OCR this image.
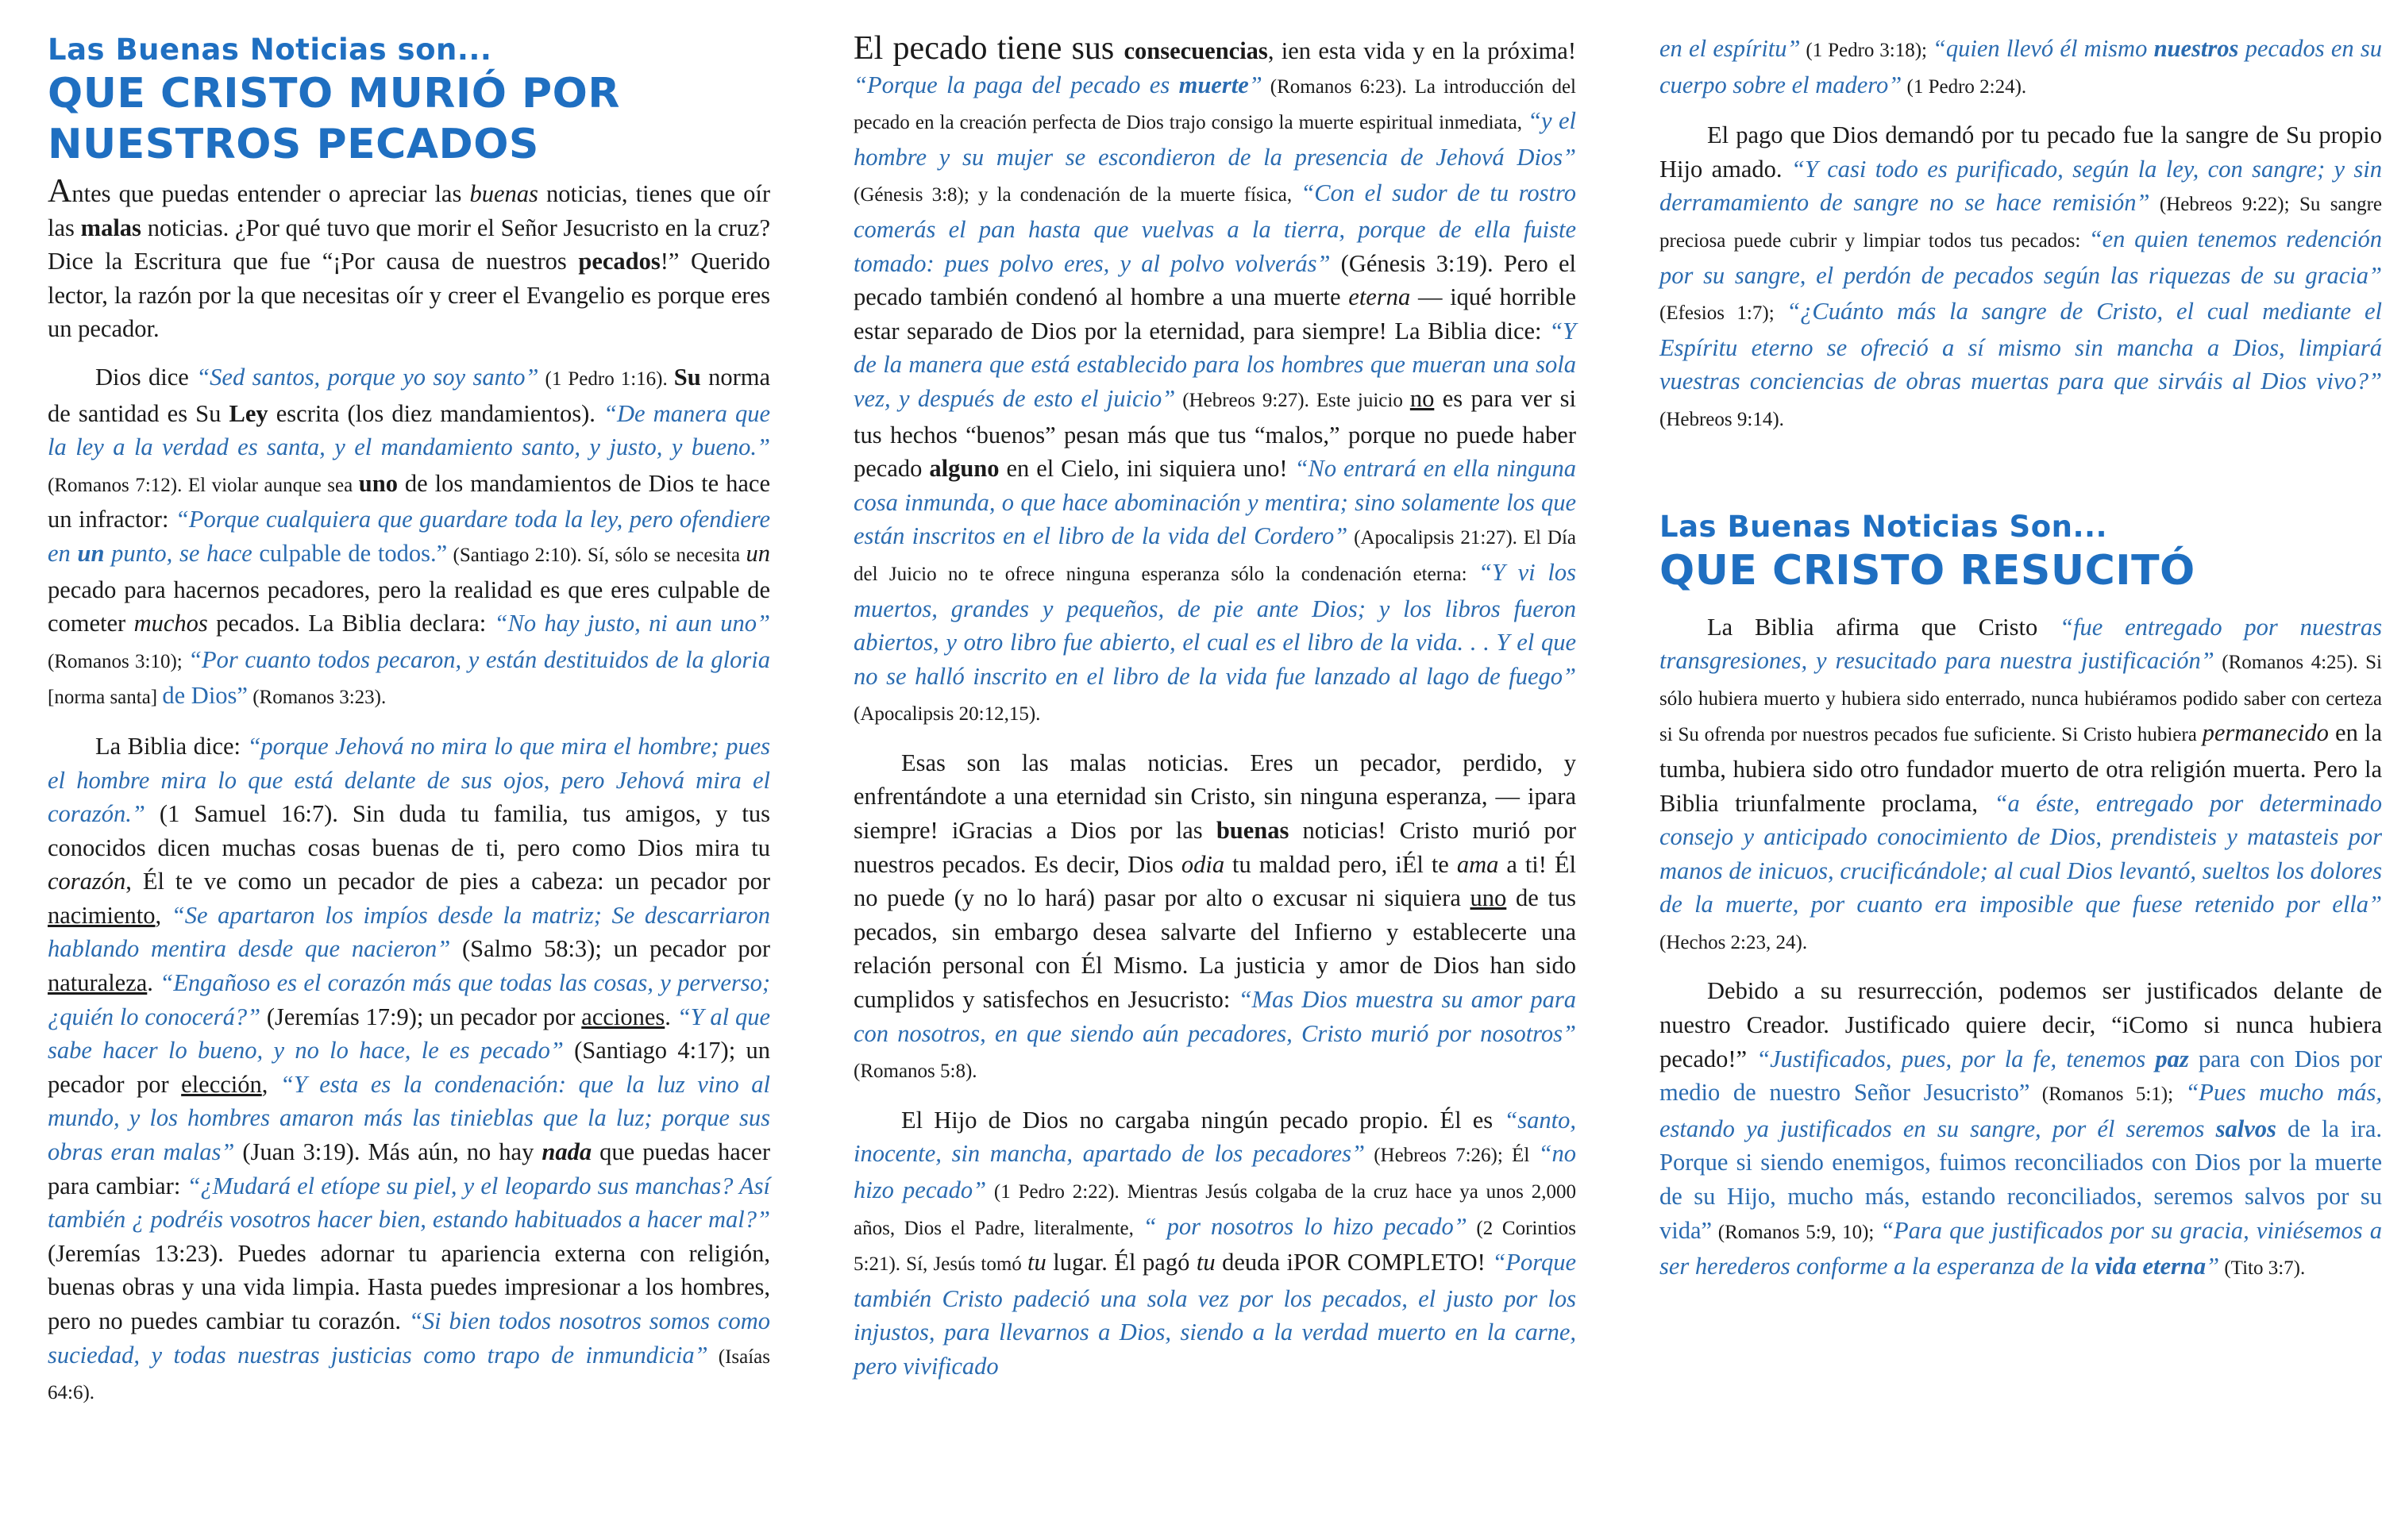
Las Buenas Noticias son...
QUE CRISTO MURIÓ POR NUESTROS PECADOS

Antes que puedas entender o apreciar las buenas noticias, tienes que oír las malas noticias. ¿Por qué tuvo que morir el Señor Jesucristo en la cruz? Dice la Escritura que fue “¡Por causa de nuestros pecados!” Querido lector, la razón por la que necesitas oír y creer el Evangelio es porque eres un pecador.

Dios dice “Sed santos, porque yo soy santo” (1 Pedro 1:16). Su norma de santidad es Su Ley escrita (los diez mandamientos). “De manera que la ley a la verdad es santa, y el mandamiento santo, y justo, y bueno.” (Romanos 7:12). El violar aunque sea uno de los mandamientos de Dios te hace un infractor: “Porque cualquiera que guardare toda la ley, pero ofendiere en un punto, se hace culpable de todos.” (Santiago 2:10). Sí, sólo se necesita un pecado para hacernos pecadores, pero la realidad es que eres culpable de cometer muchos pecados. La Biblia declara: “No hay justo, ni aun uno” (Romanos 3:10); “Por cuanto todos pecaron, y están destituidos de la gloria [norma santa] de Dios” (Romanos 3:23).

La Biblia dice: “porque Jehová no mira lo que mira el hombre; pues el hombre mira lo que está delante de sus ojos, pero Jehová mira el corazón.” (1 Samuel 16:7). Sin duda tu familia, tus amigos, y tus conocidos dicen muchas cosas buenas de ti, pero como Dios mira tu corazón, Él te ve como un pecador de pies a cabeza: un pecador por nacimiento, “Se apartaron los impíos desde la matriz; Se descarriaron hablando mentira desde que nacieron” (Salmo 58:3); un pecador por naturaleza. “Engañoso es el corazón más que todas las cosas, y perverso; ¿quién lo conocerá?” (Jeremías 17:9); un pecador por acciones. “Y al que sabe hacer lo bueno, y no lo hace, le es pecado” (Santiago 4:17); un pecador por elección, “Y esta es la condenación: que la luz vino al mundo, y los hombres amaron más las tinieblas que la luz; porque sus obras eran malas” (Juan 3:19). Más aún, no hay nada que puedas hacer para cambiar: “¿Mudará el etíope su piel, y el leopardo sus manchas? Así también ¿ podréis vosotros hacer bien, estando habituados a hacer mal?” (Jeremías 13:23). Puedes adornar tu apariencia externa con religión, buenas obras y una vida limpia. Hasta puedes impresionar a los hombres, pero no puedes cambiar tu corazón. “Si bien todos nosotros somos como suciedad, y todas nuestras justicias como trapo de inmundicia” (Isaías 64:6).

El pecado tiene sus consecuencias, ien esta vida y en la próxima! “Porque la paga del pecado es muerte” (Romanos 6:23). La introducción del pecado en la creación perfecta de Dios trajo consigo la muerte espiritual inmediata, “y el hombre y su mujer se escondieron de la presencia de Jehová Dios” (Génesis 3:8); y la condenación de la muerte física, “Con el sudor de tu rostro comerás el pan hasta que vuelvas a la tierra, porque de ella fuiste tomado: pues polvo eres, y al polvo volverás” (Génesis 3:19). Pero el pecado también condenó al hombre a una muerte eterna — iqué horrible estar separado de Dios por la eternidad, para siempre! La Biblia dice: “Y de la manera que está establecido para los hombres que mueran una sola vez, y después de esto el juicio” (Hebreos 9:27). Este juicio no es para ver si tus hechos “buenos” pesan más que tus “malos,” porque no puede haber pecado alguno en el Cielo, ini siquiera uno! “No entrará en ella ninguna cosa inmunda, o que hace abominación y mentira; sino solamente los que están inscritos en el libro de la vida del Cordero” (Apocalipsis 21:27). El Día del Juicio no te ofrece ninguna esperanza sólo la condenación eterna: “Y vi los muertos, grandes y pequeños, de pie ante Dios; y los libros fueron abiertos, y otro libro fue abierto, el cual es el libro de la vida. . . Y el que no se halló inscrito en el libro de la vida fue lanzado al lago de fuego” (Apocalipsis 20:12,15).

Esas son las malas noticias. Eres un pecador, perdido, y enfrentándote a una eternidad sin Cristo, sin ninguna esperanza, — ipara siempre! iGracias a Dios por las buenas noticias! Cristo murió por nuestros pecados. Es decir, Dios odia tu maldad pero, iÉl te ama a ti! Él no puede (y no lo hará) pasar por alto o excusar ni siquiera uno de tus pecados, sin embargo desea salvarte del Infierno y establecerte una relación personal con Él Mismo. La justicia y amor de Dios han sido cumplidos y satisfechos en Jesucristo: “Mas Dios muestra su amor para con nosotros, en que siendo aún pecadores, Cristo murió por nosotros” (Romanos 5:8).

El Hijo de Dios no cargaba ningún pecado propio. Él es “santo, inocente, sin mancha, apartado de los pecadores” (Hebreos 7:26); Él “no hizo pecado” (1 Pedro 2:22). Mientras Jesús colgaba de la cruz hace ya unos 2,000 años, Dios el Padre, literalmente, “ por nosotros lo hizo pecado” (2 Corintios 5:21). Sí, Jesús tomó tu lugar. Él pagó tu deuda iPOR COMPLETO! “Porque también Cristo padeció una sola vez por los pecados, el justo por los injustos, para llevarnos a Dios, siendo a la verdad muerto en la carne, pero vivificado

en el espíritu” (1 Pedro 3:18); “quien llevó él mismo nuestros pecados en su cuerpo sobre el madero” (1 Pedro 2:24).

El pago que Dios demandó por tu pecado fue la sangre de Su propio Hijo amado. “Y casi todo es purificado, según la ley, con sangre; y sin derramamiento de sangre no se hace remisión” (Hebreos 9:22); Su sangre preciosa puede cubrir y limpiar todos tus pecados: “en quien tenemos redención por su sangre, el perdón de pecados según las riquezas de su gracia” (Efesios 1:7); “¿Cuánto más la sangre de Cristo, el cual mediante el Espíritu eterno se ofreció a sí mismo sin mancha a Dios, limpiará vuestras conciencias de obras muertas para que sirváis al Dios vivo?” (Hebreos 9:14).

Las Buenas Noticias Son...
QUE CRISTO RESUCITÓ

La Biblia afirma que Cristo “fue entregado por nuestras transgresiones, y resucitado para nuestra justificación” (Romanos 4:25). Si sólo hubiera muerto y hubiera sido enterrado, nunca hubiéramos podido saber con certeza si Su ofrenda por nuestros pecados fue suficiente. Si Cristo hubiera permanecido en la tumba, hubiera sido otro fundador muerto de otra religión muerta. Pero la Biblia triunfalmente proclama, “a éste, entregado por determinado consejo y anticipado conocimiento de Dios, prendisteis y matasteis por manos de inicuos, crucificándole; al cual Dios levantó, sueltos los dolores de la muerte, por cuanto era imposible que fuese retenido por ella” (Hechos 2:23, 24).

Debido a su resurrección, podemos ser justificados delante de nuestro Creador. Justificado quiere decir, “iComo si nunca hubiera pecado!” “Justificados, pues, por la fe, tenemos paz para con Dios por medio de nuestro Señor Jesucristo” (Romanos 5:1); “Pues mucho más, estando ya justificados en su sangre, por él seremos salvos de la ira. Porque si siendo enemigos, fuimos reconciliados con Dios por la muerte de su Hijo, mucho más, estando reconciliados, seremos salvos por su vida” (Romanos 5:9, 10); “Para que justificados por su gracia, viniésemos a ser herederos conforme a la esperanza de la vida eterna” (Tito 3:7).
